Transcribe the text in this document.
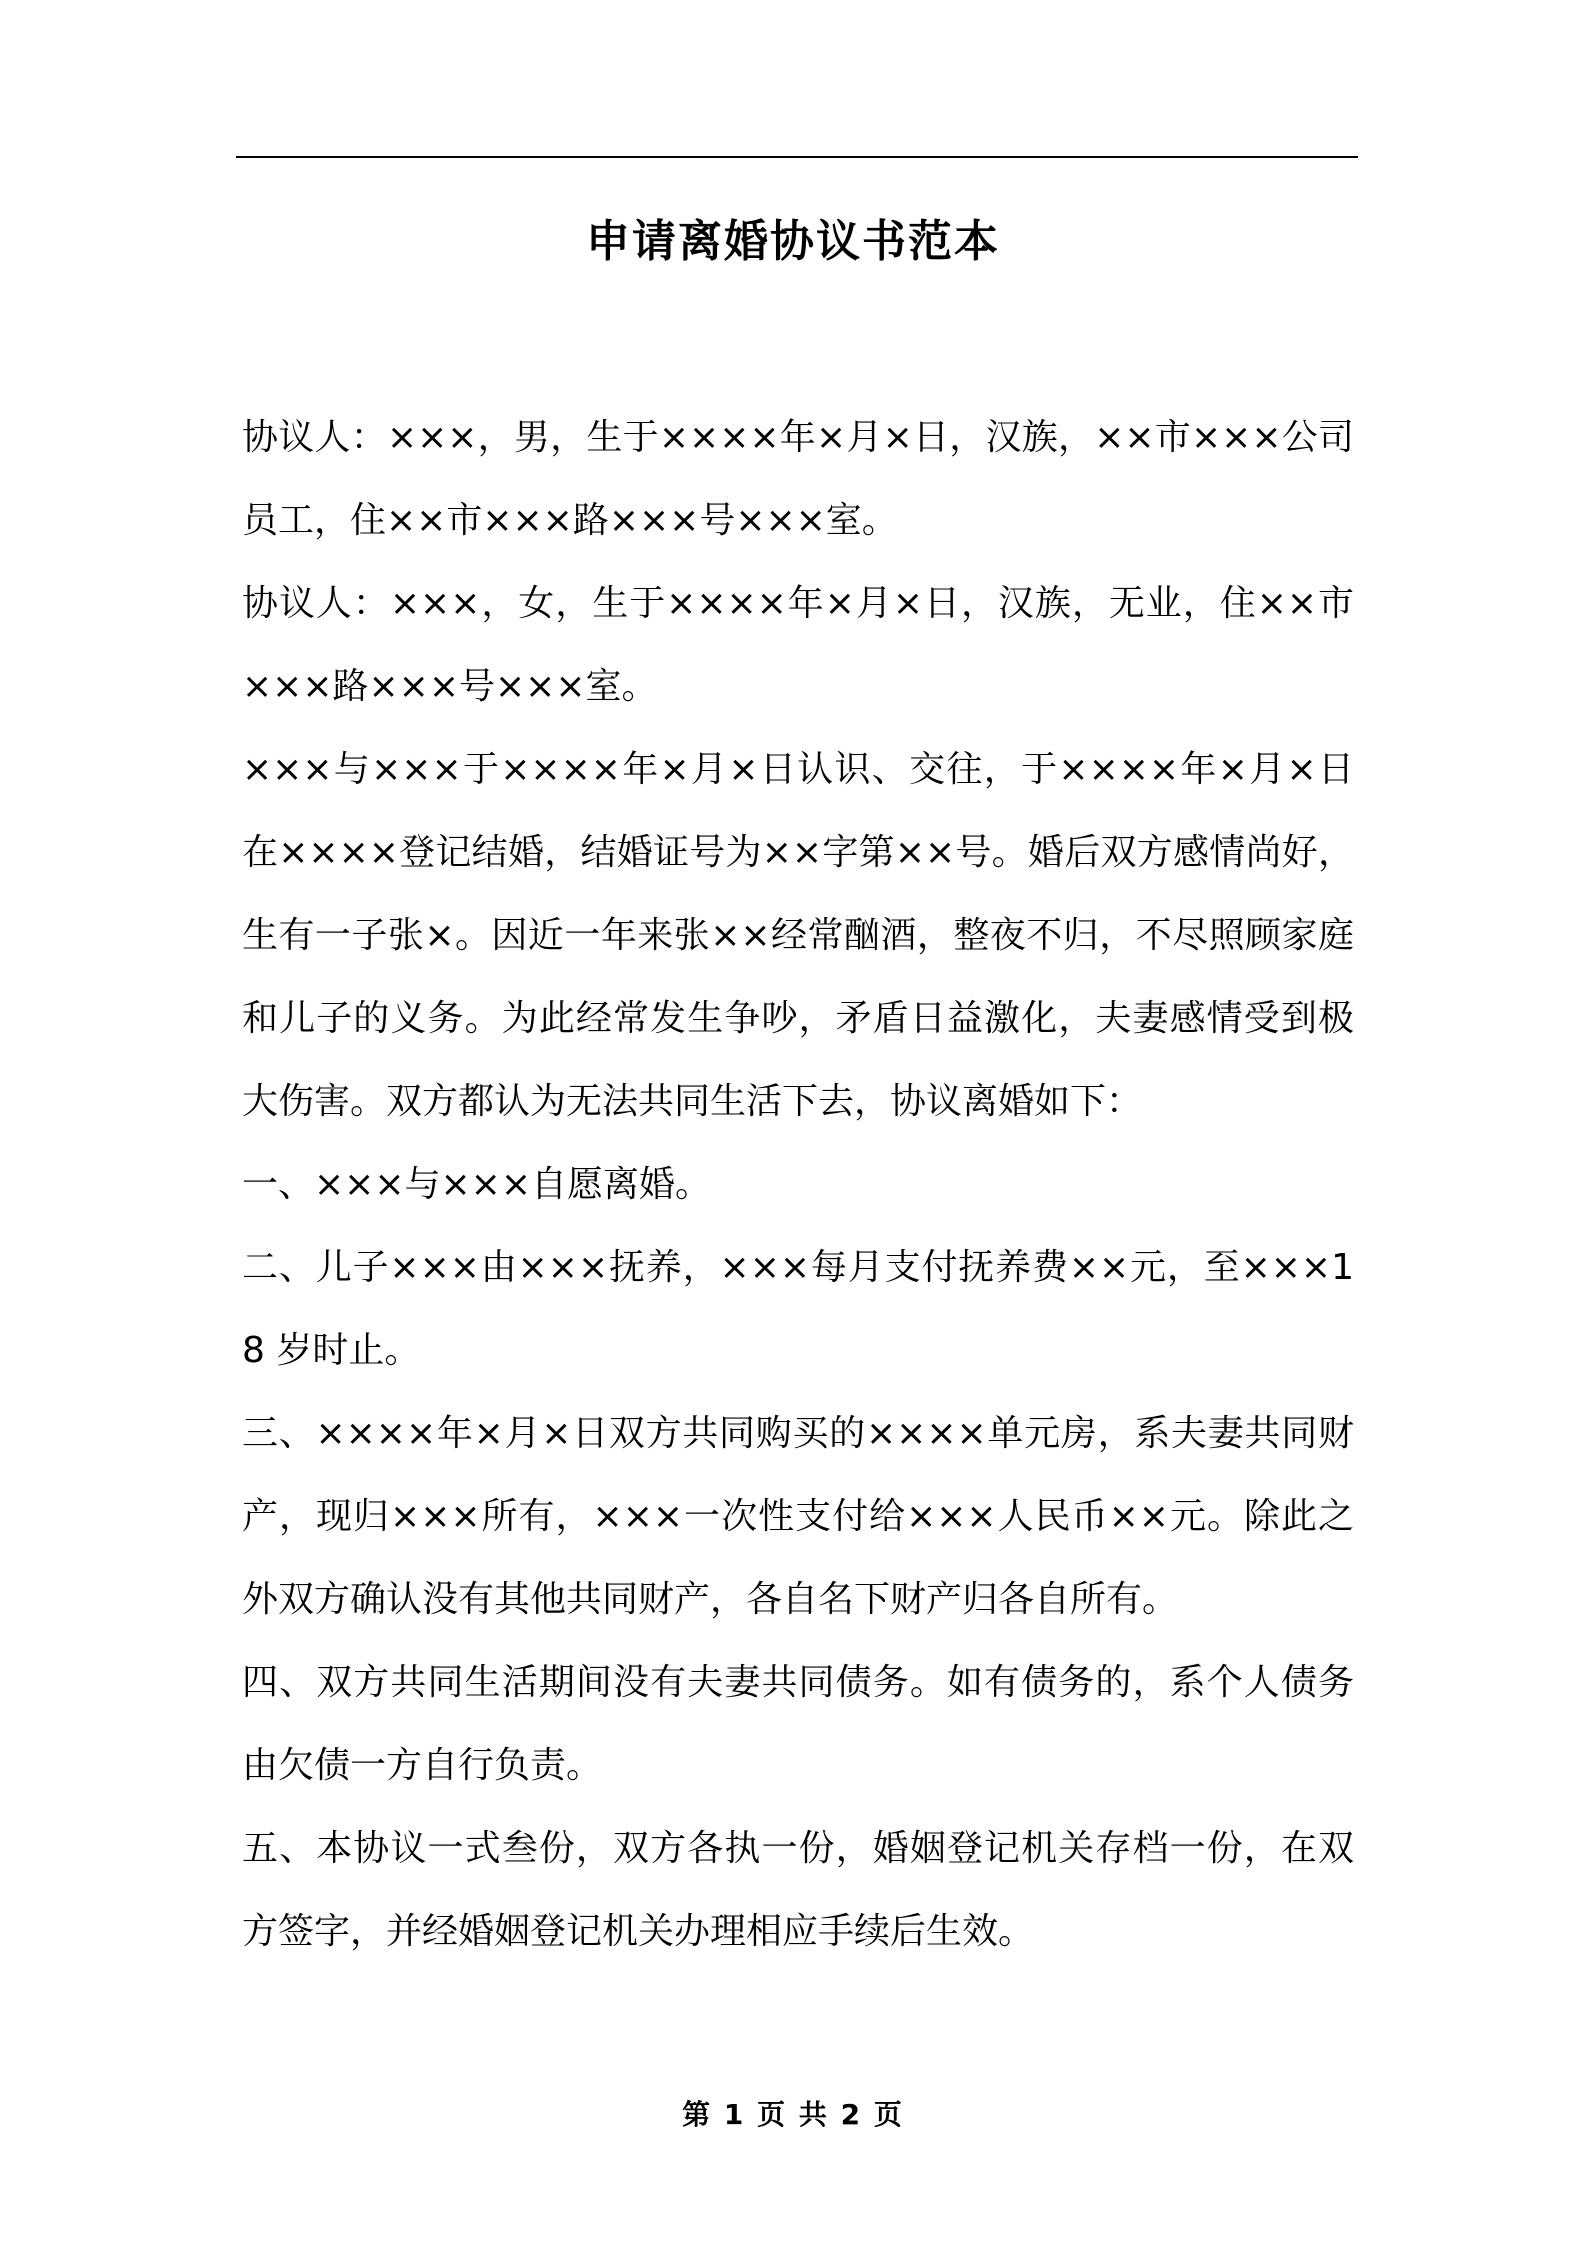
申请离婚协议书范本

协议人：×××，男，生于××××年×月×日，汉族，××市×××公司员工，住××市×××路×××号×××室。

协议人：×××，女，生于××××年×月×日，汉族，无业，住××市×××路×××号×××室。

×××与×××于××××年×月×日认识、交往，于××××年×月×日在××××登记结婚，结婚证号为××字第××号。婚后双方感情尚好，生有一子张×。因近一年来张××经常酗酒，整夜不归，不尽照顾家庭和儿子的义务。为此经常发生争吵，矛盾日益激化，夫妻感情受到极大伤害。双方都认为无法共同生活下去，协议离婚如下：

一、×××与×××自愿离婚。

二、儿子×××由×××抚养，×××每月支付抚养费××元，至×××18 岁时止。

三、××××年×月×日双方共同购买的××××单元房，系夫妻共同财产，现归×××所有，×××一次性支付给×××人民币××元。除此之外双方确认没有其他共同财产，各自名下财产归各自所有。

四、双方共同生活期间没有夫妻共同债务。如有债务的，系个人债务由欠债一方自行负责。

五、本协议一式叁份，双方各执一份，婚姻登记机关存档一份，在双方签字，并经婚姻登记机关办理相应手续后生效。

第 1 页 共 2 页
